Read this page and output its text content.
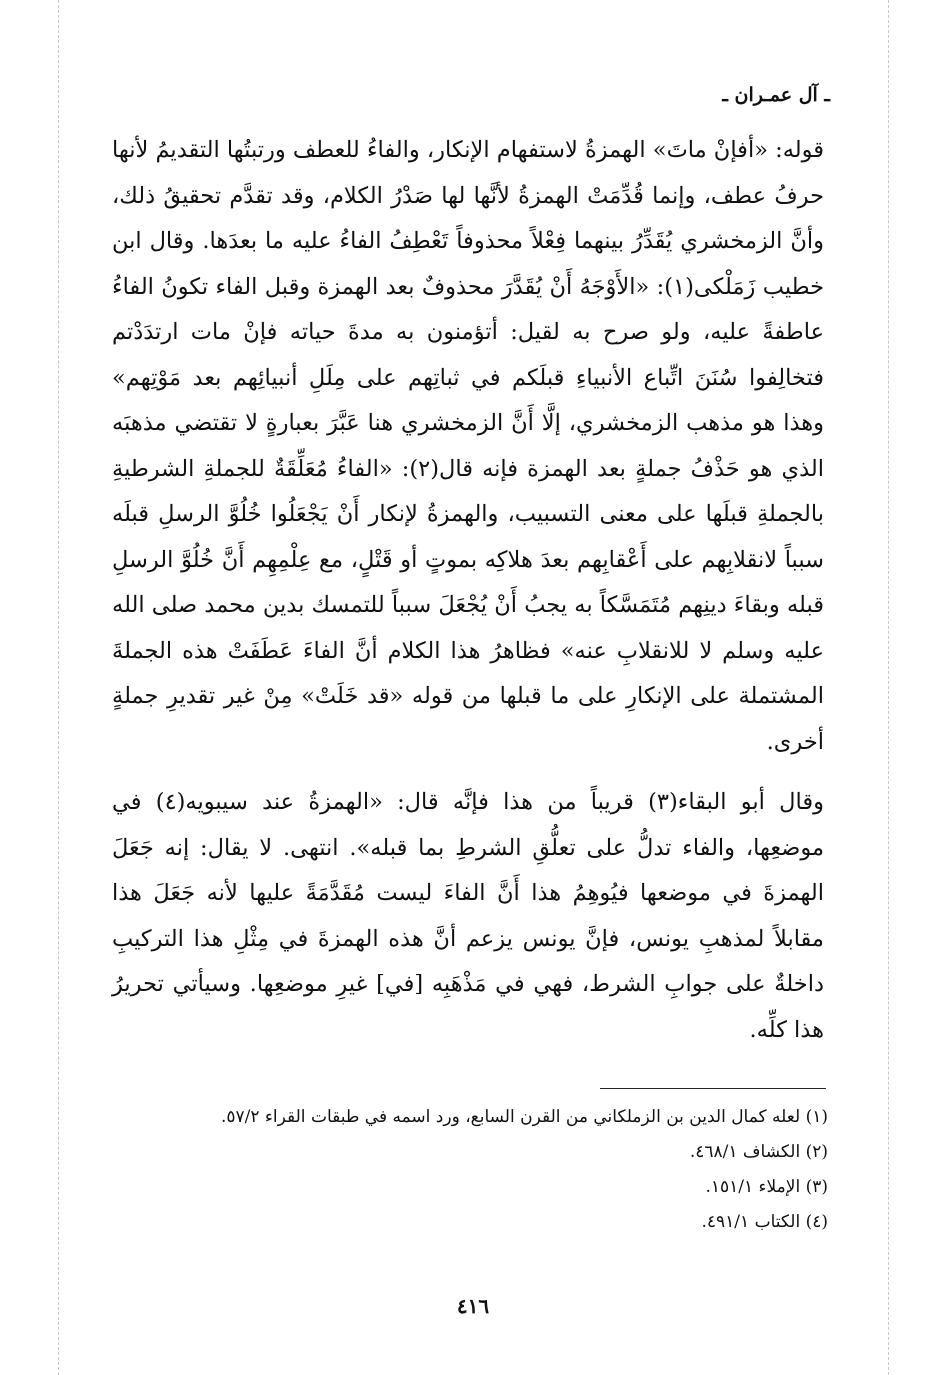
ـ آل عمـران ـ

قوله: «أفإنْ ماتَ» الهمزةُ لاستفهام الإنكار، والفاءُ للعطف ورتبتُها التقديمُ لأنها حرفُ عطف، وإنما قُدِّمَتْ الهمزةُ لأنَّها لها صَدْرُ الكلام، وقد تقدَّم تحقيقُ ذلك، وأنَّ الزمخشري يُقَدِّرُ بينهما فِعْلاً محذوفاً تَعْطِفُ الفاءُ عليه ما بعدَها. وقال ابن خطيب زَمَلْكى(١): «الأَوْجَهُ أَنْ يُقَدَّرَ محذوفٌ بعد الهمزة وقبل الفاء تكونُ الفاءُ عاطفةً عليه، ولو صرح به لقيل: أتؤمنون به مدةَ حياته فإنْ مات ارتدَدْتم فتخالِفوا سُنَنَ اتِّباع الأنبياءِ قبلَكم في ثباتِهم على مِلَلِ أنبيائِهم بعد مَوْتِهم» وهذا هو مذهب الزمخشري، إلَّا أَنَّ الزمخشري هنا عَبَّرَ بعبارةٍ لا تقتضي مذهبَه الذي هو حَذْفُ جملةٍ بعد الهمزة فإنه قال(٢): «الفاءُ مُعَلِّقَةٌ للجملةِ الشرطيةِ بالجملةِ قبلَها على معنى التسبيب، والهمزةُ لإنكار أَنْ يَجْعَلُوا خُلُوَّ الرسلِ قبلَه سبباً لانقلابِهم على أَعْقابِهم بعدَ هلاكِه بموتٍ أو قَتْلٍ، مع عِلْمِهِم أَنَّ خُلُوَّ الرسلِ قبله وبقاءَ دينِهم مُتَمَسَّكاً به يجبُ أَنْ يُجْعَلَ سبباً للتمسك بدين محمد صلى الله عليه وسلم لا للانقلابِ عنه» فظاهرُ هذا الكلام أنَّ الفاءَ عَطَفَتْ هذه الجملةَ المشتملة على الإنكارِ على ما قبلها من قوله «قد خَلَتْ» مِنْ غير تقديرِ جملةٍ أخرى.

وقال أبو البقاء(٣) قريباً من هذا فإنَّه قال: «الهمزةُ عند سيبويه(٤) في موضعِها، والفاء تدلُّ على تعلُّقِ الشرطِ بما قبله». انتهى. لا يقال: إنه جَعَلَ الهمزةَ في موضعها فيُوهِمُ هذا أَنَّ الفاءَ ليست مُقَدَّمَةً عليها لأنه جَعَلَ هذا مقابلاً لمذهبِ يونس، فإنَّ يونس يزعم أنَّ هذه الهمزةَ في مِثْلِ هذا التركيبِ داخلةٌ على جوابِ الشرط، فهي في مَذْهَبِه [في] غيرِ موضعِها. وسيأتي تحريرُ هذا كلِّه.

(١) لعله كمال الدين بن الزملكاني من القرن السابع، ورد اسمه في طبقات القراء ٥٧/٢.
(٢) الكشاف ٤٦٨/١.
(٣) الإملاء ١٥١/١.
(٤) الكتاب ٤٩١/١.
٤١٦
